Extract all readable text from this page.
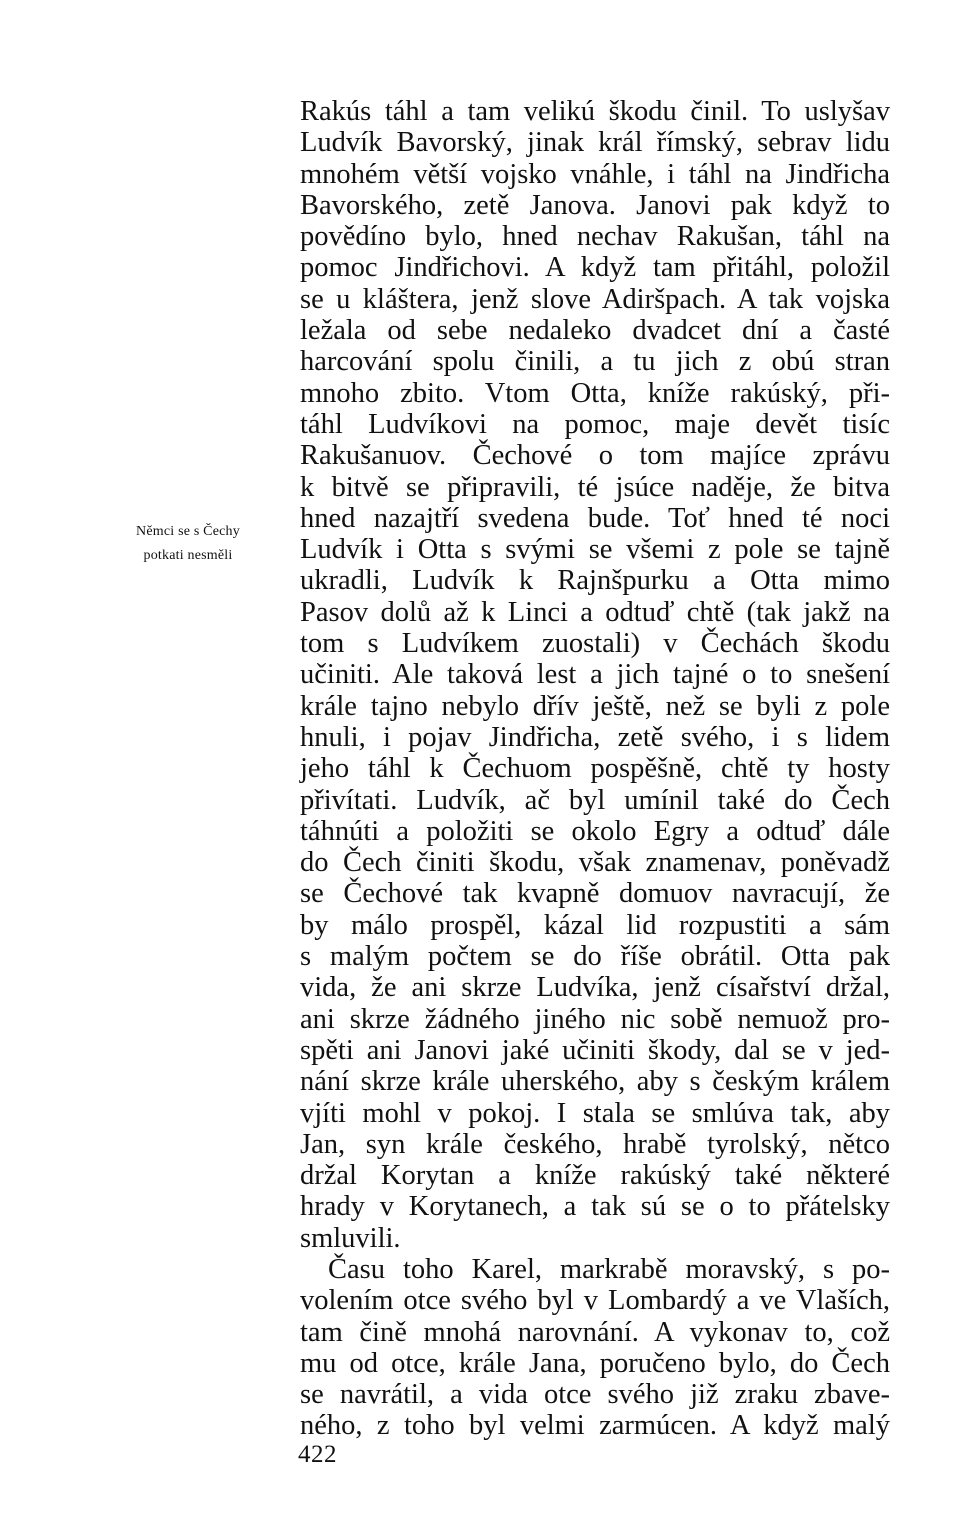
Němci se s Čechy
potkati nesměli
Rakús táhl a tam velikú škodu činil. To uslyšav
Ludvík Bavorský, jinak král římský, sebrav lidu
mnohém větší vojsko vnáhle, i táhl na Jindřicha
Bavorského, zetě Janova. Janovi pak když to
povědíno bylo, hned nechav Rakušan, táhl na
pomoc Jindřichovi. A když tam přitáhl, položil
se u kláštera, jenž slove Adiršpach. A tak vojska
ležala od sebe nedaleko dvadcet dní a časté
harcování spolu činili, a tu jich z obú stran
mnoho zbito. Vtom Otta, kníže rakúský, při-
táhl Ludvíkovi na pomoc, maje devět tisíc
Rakušanuov. Čechové o tom majíce zprávu
k bitvě se připravili, té jsúce naděje, že bitva
hned nazajtří svedena bude. Toť hned té noci
Ludvík i Otta s svými se všemi z pole se tajně
ukradli, Ludvík k Rajnšpurku a Otta mimo
Pasov dolů až k Linci a odtuď chtě (tak jakž na
tom s Ludvíkem zuostali) v Čechách škodu
učiniti. Ale taková lest a jich tajné o to snešení
krále tajno nebylo dřív ještě, než se byli z pole
hnuli, i pojav Jindřicha, zetě svého, i s lidem
jeho táhl k Čechuom pospěšně, chtě ty hosty
přivítati. Ludvík, ač byl umínil také do Čech
táhnúti a položiti se okolo Egry a odtuď dále
do Čech činiti škodu, však znamenav, poněvadž
se Čechové tak kvapně domuov navracují, že
by málo prospěl, kázal lid rozpustiti a sám
s malým počtem se do říše obrátil. Otta pak
vida, že ani skrze Ludvíka, jenž císařství držal,
ani skrze žádného jiného nic sobě nemuož pro-
spěti ani Janovi jaké učiniti škody, dal se v jed-
nání skrze krále uherského, aby s českým králem
vjíti mohl v pokoj. I stala se smlúva tak, aby
Jan, syn krále českého, hrabě tyrolský, nětco
držal Korytan a kníže rakúský také některé
hrady v Korytanech, a tak sú se o to přátelsky
smluvili.
Času toho Karel, markrabě moravský, s po-
volením otce svého byl v Lombardý a ve Vlaších,
tam čině mnohá narovnání. A vykonav to, což
mu od otce, krále Jana, poručeno bylo, do Čech
se navrátil, a vida otce svého již zraku zbave-
ného, z toho byl velmi zarmúcen. A když malý
422
